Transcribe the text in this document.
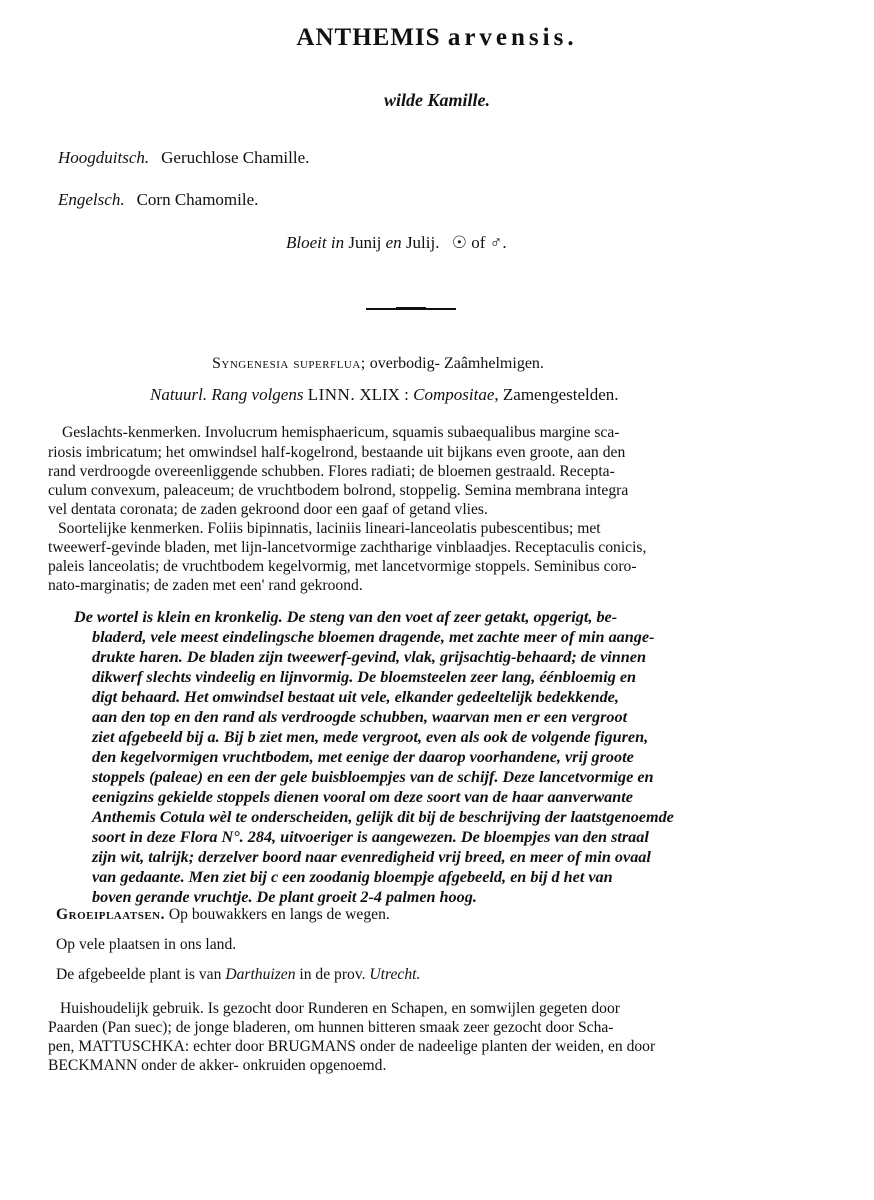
ANTHEMIS arvensis.
wilde Kamille.
Hoogduitsch. Geruchlose Chamille.
Engelsch. Corn Chamomile.
Bloeit in Junij en Julij. ☉ of ♂.
Syngenesia superflua; overbodig- Zaâmhelmigen.
Natuurl. Rang volgens LINN. XLIX : Compositae, Zamengestelden.
Geslachts-kenmerken. Involucrum hemisphaericum, squamis subaequalibus margine sca-
riosis imbricatum; het omwindsel half-kogelrond, bestaande uit bijkans even groote, aan den
rand verdroogde overeenliggende schubben. Flores radiati; de bloemen gestraald. Recepta-
culum convexum, paleaceum; de vruchtbodem bolrond, stoppelig. Semina membrana integra
vel dentata coronata; de zaden gekroond door een gaaf of getand vlies.
Soortelijke kenmerken. Foliis bipinnatis, laciniis lineari-lanceolatis pubescentibus; met
tweewerf-gevinde bladen, met lijn-lancetvormige zachtharige vinblaadjes. Receptaculis conicis,
paleis lanceolatis; de vruchtbodem kegelvormig, met lancetvormige stoppels. Seminibus coro-
nato-marginatis; de zaden met een' rand gekroond.
De wortel is klein en kronkelig. De steng van den voet af zeer getakt, opgerigt, be-
bladerd, vele meest eindelingsche bloemen dragende, met zachte meer of min aange-
drukte haren. De bladen zijn tweewerf-gevind, vlak, grijsachtig-behaard; de vinnen
dikwerf slechts vindeelig en lijnvormig. De bloemsteelen zeer lang, éénbloemig en
digt behaard. Het omwindsel bestaat uit vele, elkander gedeeltelijk bedekkende,
aan den top en den rand als verdroogde schubben, waarvan men er een vergroot
ziet afgebeeld bij a. Bij b ziet men, mede vergroot, even als ook de volgende figuren,
den kegelvormigen vruchtbodem, met eenige der daarop voorhandene, vrij groote
stoppels (paleae) en een der gele buisbloempjes van de schijf. Deze lancetvormige en
eenigzins gekielde stoppels dienen vooral om deze soort van de haar aanverwante
Anthemis Cotula wèl te onderscheiden, gelijk dit bij de beschrijving der laatstgenoemde
soort in deze Flora N°. 284, uitvoeriger is aangewezen. De bloempjes van den straal
zijn wit, talrijk; derzelver boord naar evenredigheid vrij breed, en meer of min ovaal
van gedaante. Men ziet bij c een zoodanig bloempje afgebeeld, en bij d het van
boven gerande vruchtje. De plant groeit 2-4 palmen hoog.
Groeiplaatsen. Op bouwakkers en langs de wegen.
Op vele plaatsen in ons land.
De afgebeelde plant is van Darthuizen in de prov. Utrecht.
Huishoudelijk gebruik. Is gezocht door Runderen en Schapen, en somwijlen gegeten door
Paarden (Pan suec); de jonge bladeren, om hunnen bitteren smaak zeer gezocht door Scha-
pen, MATTUSCHKA: echter door BRUGMANS onder de nadeelige planten der weiden, en door
BECKMANN onder de akker- onkruiden opgenoemd.
